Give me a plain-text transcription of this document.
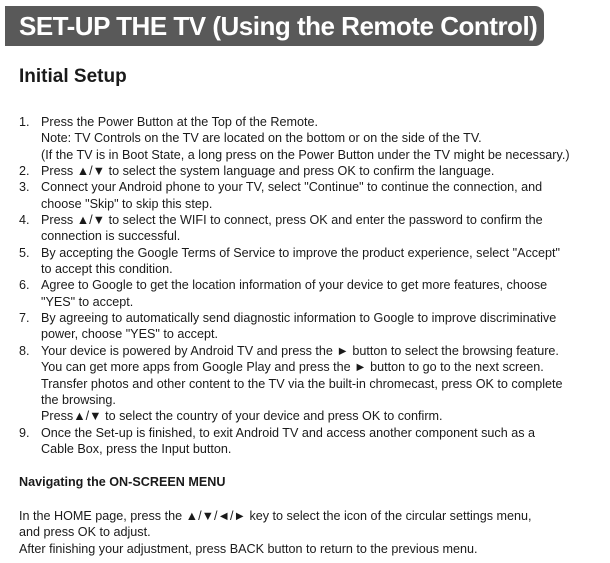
SET-UP THE TV (Using the Remote Control)
Initial Setup
1. Press the Power Button at the Top of the Remote.
Note: TV Controls on the TV are located on the bottom or on the side of the TV.
(If the TV is in Boot State, a long press on the Power Button under the TV might be necessary.)
2. Press ▲/▼ to select the system language and press OK to confirm the language.
3. Connect your Android phone to your TV, select "Continue" to continue the connection, and
choose "Skip" to skip this step.
4. Press ▲/▼ to select the WIFI to connect, press OK and enter the password to confirm the
connection is successful.
5. By accepting the Google Terms of Service to improve the product experience, select "Accept"
to accept this condition.
6. Agree to Google to get the location information of your device to get more features, choose
"YES" to accept.
7. By agreeing to automatically send diagnostic information to Google to improve discriminative
power, choose "YES" to accept.
8. Your device is powered by Android TV and press the ► button to select the browsing feature.
You can get more apps from Google Play and press the ► button to go to the next screen.
Transfer photos and other content to the TV via the built-in chromecast, press OK to complete
the browsing.
Press▲/▼ to select the country of your device and press OK to confirm.
9. Once the Set-up is finished, to exit Android TV and access another component such as a
Cable Box, press the Input button.
Navigating the ON-SCREEN MENU
In the HOME page, press the ▲/▼/◄/► key to select the icon of the circular settings menu,
and press OK to adjust.
After finishing your adjustment, press BACK button to return to the previous menu.
